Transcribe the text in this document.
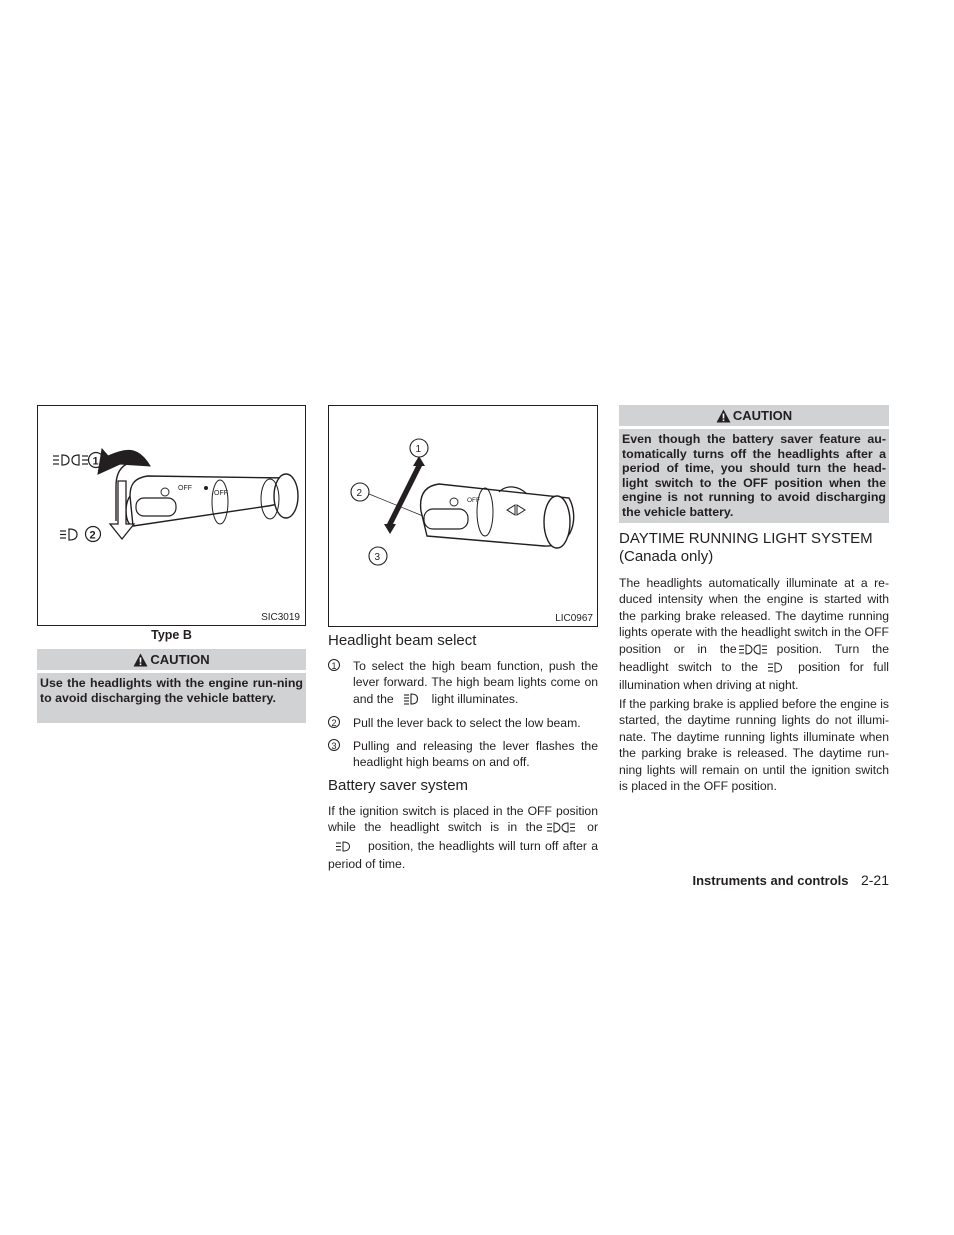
OFF
OFF
1
2
SIC3019
Type B
CAUTION
Use the headlights with the engine run-ning to avoid discharging the vehicle battery.
OFF
1
2
3
LIC0967
Headlight beam select
1 To select the high beam function, push the lever forward. The high beam lights come on and the	light illuminates.
2 Pull the lever back to select the low beam.
3 Pulling and releasing the lever flashes the headlight high beams on and off.
Battery saver system
If the ignition switch is placed in the OFF position while the headlight switch is in the	orposition, the headlights will turn off after a period of time.
CAUTION
Even though the battery saver feature au-tomatically turns off the headlights after a period of time, you should turn the head-light switch to the OFF position when the engine is not running to avoid discharging the vehicle battery.
DAYTIME RUNNING LIGHT SYSTEM
(Canada only)
The headlights automatically illuminate at a re-duced intensity when the engine is started with the parking brake released. The daytime running lights operate with the headlight switch in the OFF position or in the	position. Turn the headlight switch to the	position for full illumination when driving at night.
If the parking brake is applied before the engine is started, the daytime running lights do not illumi-nate. The daytime running lights illuminate when the parking brake is released. The daytime run-ning lights will remain on until the ignition switch is placed in the OFF position.
Instruments and controls 2-21
